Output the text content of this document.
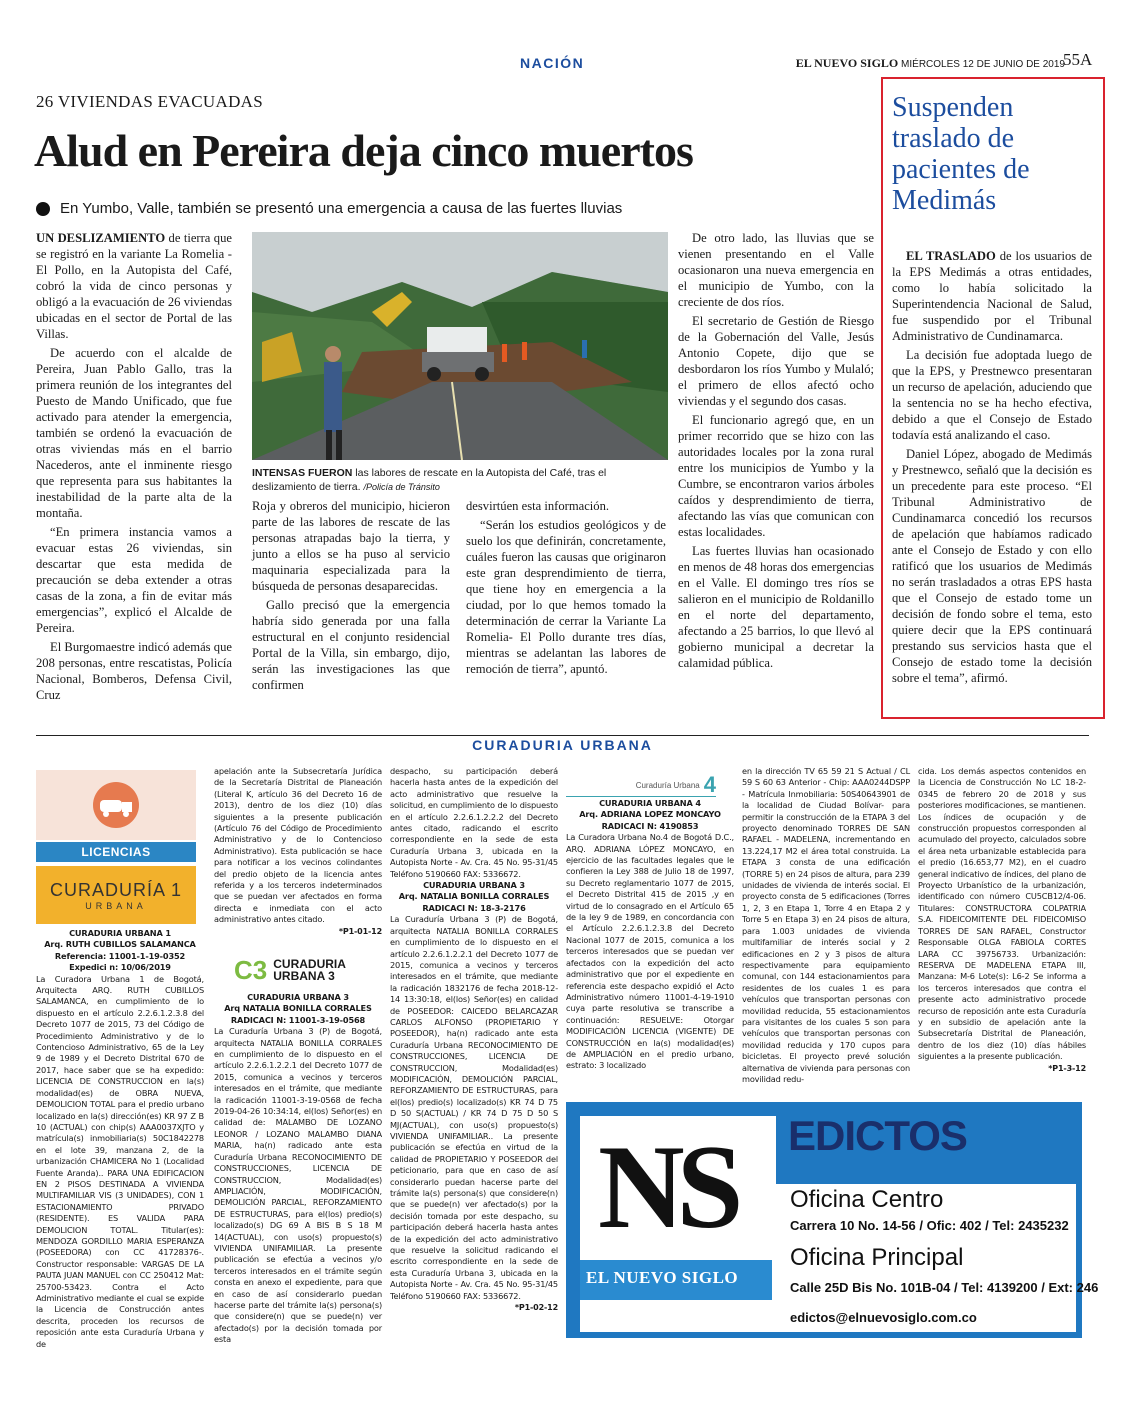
NACIÓN	EL NUEVO SIGLO MIÉRCOLES 12 DE JUNIO DE 2019
55A
26 VIVIENDAS EVACUADAS
Alud en Pereira deja cinco muertos
En Yumbo, Valle, también se presentó una emergencia a causa de las fuertes lluvias

UN DESLIZAMIENTO de tierra que se registró en la variante La Romelia - El Pollo, en la Autopista del Café, cobró la vida de cinco personas y obligó a la evacuación de 26 viviendas ubicadas en el sector de Portal de las Villas.

De acuerdo con el alcalde de Pereira, Juan Pablo Gallo, tras la primera reunión de los integrantes del Puesto de Mando Unificado, que fue activado para atender la emergencia, también se ordenó la evacuación de otras viviendas más en el barrio Nacederos, ante el inminente riesgo que representa para sus habitantes la inestabilidad de la parte alta de la montaña.

“En primera instancia vamos a evacuar estas 26 viviendas, sin descartar que esta medida de precaución se deba extender a otras casas de la zona, a fin de evitar más emergencias”, explicó el Alcalde de Pereira.

El Burgomaestre indicó además que 208 personas, entre rescatistas, Policía Nacional, Bomberos, Defensa Civil, Cruz

INTENSAS FUERON las labores de rescate en la Autopista del Café, tras el deslizamiento de tierra. /Policía de Tránsito

Roja y obreros del municipio, hicieron parte de las labores de rescate de las personas atrapadas bajo la tierra, y junto a ellos se ha puso al servicio maquinaria especializada para la búsqueda de personas desaparecidas.

Gallo precisó que la emergencia habría sido generada por una falla estructural en el conjunto residencial Portal de la Villa, sin embargo, dijo, serán las investigaciones las que confirmen

desvirtúen esta información.

“Serán los estudios geológicos y de suelo los que definirán, concretamente, cuáles fueron las causas que originaron este gran desprendimiento de tierra, que tiene hoy en emergencia a la ciudad, por lo que hemos tomado la determinación de cerrar la Variante La Romelia- El Pollo durante tres días, mientras se adelantan las labores de remoción de tierra”, apuntó.

De otro lado, las lluvias que se vienen presentando en el Valle ocasionaron una nueva emergencia en el municipio de Yumbo, con la creciente de dos ríos.

El secretario de Gestión de Riesgo de la Gobernación del Valle, Jesús Antonio Copete, dijo que se desbordaron los ríos Yumbo y Mulaló; el primero de ellos afectó ocho viviendas y el segundo dos casas.

El funcionario agregó que, en un primer recorrido que se hizo con las autoridades locales por la zona rural entre los municipios de Yumbo y la Cumbre, se encontraron varios árboles caídos y desprendimiento de tierra, afectando las vías que comunican con estas localidades.

Las fuertes lluvias han ocasionado en menos de 48 horas dos emergencias en el Valle. El domingo tres ríos se salieron en el municipio de Roldanillo en el norte del departamento, afectando a 25 barrios, lo que llevó al gobierno municipal a decretar la calamidad pública.

Suspenden traslado de pacientes de Medimás

EL TRASLADO de los usuarios de la EPS Medimás a otras entidades, como lo había solicitado la Superintendencia Nacional de Salud, fue suspendido por el Tribunal Administrativo de Cundinamarca.

La decisión fue adoptada luego de que la EPS, y Prestnewco presentaran un recurso de apelación, aduciendo que la sentencia no se ha hecho efectiva, debido a que el Consejo de Estado todavía está analizando el caso.

Daniel López, abogado de Medimás y Prestnewco, señaló que la decisión es un precedente para este proceso. “El Tribunal Administrativo de Cundinamarca concedió los recursos de apelación que habíamos radicado ante el Consejo de Estado y con ello ratificó que los usuarios de Medimás no serán trasladados a otras EPS hasta que el Consejo de estado tome un decisión de fondo sobre el tema, esto quiere decir que la EPS continuará prestando sus servicios hasta que el Consejo de estado tome la decisión sobre el tema”, afirmó.

CURADURIA URBANA
LICENCIAS
CURADURÍA 1
URBANA

CURADURIA URBANA 1

Arq. RUTH CUBILLOS SALAMANCA

Referencia: 11001-1-19-0352

Expedici n: 10/06/2019

La Curadora Urbana 1 de Bogotá, Arquitecta ARQ. RUTH CUBILLOS SALAMANCA, en cumplimiento de lo dispuesto en el artículo 2.2.6.1.2.3.8 del Decreto 1077 de 2015, 73 del Código de Procedimiento Administrativo y de lo Contencioso Administrativo, 65 de la Ley 9 de 1989 y el Decreto Distrital 670 de 2017, hace saber que se ha expedido: LICENCIA DE CONSTRUCCION en la(s) modalidad(es) de OBRA NUEVA, DEMOLICION TOTAL para el predio urbano localizado en la(s) dirección(es) KR 97 Z B 10 (ACTUAL) con chip(s) AAA0037XJTO y matrícula(s) inmobiliaria(s) 50C1842278 en el lote 39, manzana 2, de la urbanización CHAMICERA No 1 (Localidad Fuente Aranda).. PARA UNA EDIFICACION EN 2 PISOS DESTINADA A VIVIENDA MULTIFAMILIAR VIS (3 UNIDADES), CON 1 ESTACIONAMIENTO PRIVADO (RESIDENTE). ES VALIDA PARA DEMOLICION TOTAL. Titular(es): MENDOZA GORDILLO MARIA ESPERANZA (POSEEDORA) con CC 41728376-. Constructor responsable: VARGAS DE LA PAUTA JUAN MANUEL con CC 250412 Mat: 25700-53423. Contra el Acto Administrativo mediante el cual se expide la Licencia de Construcción antes descrita, proceden los recursos de reposición ante esta Curaduría Urbana y de

apelación ante la Subsecretaría Jurídica de la Secretaría Distrital de Planeación (Literal K, artículo 36 del Decreto 16 de 2013), dentro de los diez (10) días siguientes a la presente publicación (Artículo 76 del Código de Procedimiento Administrativo y de lo Contencioso Administrativo). Esta publicación se hace para notificar a los vecinos colindantes del predio objeto de la licencia antes referida y a los terceros indeterminados que se puedan ver afectados en forma directa e inmediata con el acto administrativo antes citado.

*P1-01-12

C3 CURADURIA URBANA 3

CURADURIA URBANA 3

Arq NATALIA BONILLA CORRALES

RADICACI N: 11001-3-19-0568

La Curaduría Urbana 3 (P) de Bogotá, arquitecta NATALIA BONILLA CORRALES en cumplimiento de lo dispuesto en el artículo 2.2.6.1.2.2.1 del Decreto 1077 de 2015, comunica a vecinos y terceros interesados en el trámite, que mediante la radicación 11001-3-19-0568 de fecha 2019-04-26 10:34:14, el(los) Señor(es) en calidad de: MALAMBO DE LOZANO LEONOR / LOZANO MALAMBO DIANA MARIA, ha(n) radicado ante esta Curaduría Urbana RECONOCIMIENTO DE CONSTRUCCIONES, LICENCIA DE CONSTRUCCION, Modalidad(es) AMPLIACIÓN, MODIFICACIÓN, DEMOLICIÓN PARCIAL, REFORZAMIENTO DE ESTRUCTURAS, para el(los) predio(s) localizado(s) DG 69 A BIS B S 18 M 14(ACTUAL), con uso(s) propuesto(s) VIVIENDA UNIFAMILIAR. La presente publicación se efectúa a vecinos y/o terceros interesados en el trámite según consta en anexo el expediente, para que en caso de así considerarlo puedan hacerse parte del trámite la(s) persona(s) que considere(n) que se puede(n) ver afectado(s) por la decisión tomada por esta

despacho, su participación deberá hacerla hasta antes de la expedición del acto administrativo que resuelve la solicitud, en cumplimiento de lo dispuesto en el artículo 2.2.6.1.2.2.2 del Decreto antes citado, radicando el escrito correspondiente en la sede de esta Curaduría Urbana 3, ubicada en la Autopista Norte - Av. Cra. 45 No. 95-31/45 Teléfono 5190660 FAX: 5336672.

CURADURIA URBANA 3

Arq. NATALIA BONILLA CORRALES

RADICACI N: 18-3-2176

La Curaduría Urbana 3 (P) de Bogotá, arquitecta NATALIA BONILLA CORRALES en cumplimiento de lo dispuesto en el artículo 2.2.6.1.2.2.1 del Decreto 1077 de 2015, comunica a vecinos y terceros interesados en el trámite, que mediante la radicación 1832176 de fecha 2018-12-14 13:30:18, el(los) Señor(es) en calidad de POSEEDOR: CAICEDO BELARCAZAR CARLOS ALFONSO (PROPIETARIO Y POSEEDOR), ha(n) radicado ante esta Curaduría Urbana RECONOCIMIENTO DE CONSTRUCCIONES, LICENCIA DE CONSTRUCCION, Modalidad(es) MODIFICACIÓN, DEMOLICIÓN PARCIAL, REFORZAMIENTO DE ESTRUCTURAS, para el(los) predio(s) localizado(s) KR 74 D 75 D 50 S(ACTUAL) / KR 74 D 75 D 50 S MJ(ACTUAL), con uso(s) propuesto(s) VIVIENDA UNIFAMILIAR.. La presente publicación se efectúa en virtud de la calidad de PROPIETARIO Y POSEEDOR del peticionario, para que en caso de así considerarlo puedan hacerse parte del trámite la(s) persona(s) que considere(n) que se puede(n) ver afectado(s) por la decisión tomada por este despacho, su participación deberá hacerla hasta antes de la expedición del acto administrativo que resuelve la solicitud radicando el escrito correspondiente en la sede de esta Curaduría Urbana 3, ubicada en la Autopista Norte - Av. Cra. 45 No. 95-31/45 Teléfono 5190660 FAX: 5336672.

*P1-02-12

Curaduría Urbana 4

CURADURIA URBANA 4

Arq. ADRIANA LOPEZ MONCAYO

RADICACI N: 4190853

La Curadora Urbana No.4 de Bogotá D.C., ARQ. ADRIANA LÓPEZ MONCAYO, en ejercicio de las facultades legales que le confieren la Ley 388 de Julio 18 de 1997, su Decreto reglamentario 1077 de 2015, el Decreto Distrital 415 de 2015 ,y en virtud de lo consagrado en el Artículo 65 de la ley 9 de 1989, en concordancia con el Artículo 2.2.6.1.2.3.8 del Decreto Nacional 1077 de 2015, comunica a los terceros interesados que se puedan ver afectados con la expedición del acto administrativo que por el expediente en referencia este despacho expidió el Acto Administrativo número 11001-4-19-1910 cuya parte resolutiva se transcribe a continuación: RESUELVE: Otorgar MODIFICACIÓN LICENCIA (VIGENTE) DE CONSTRUCCIÓN en la(s) modalidad(es) de AMPLIACIÓN en el predio urbano, estrato: 3 localizado

en la dirección TV 65 59 21 S Actual / CL 59 S 60 63 Anterior - Chip: AAA0244DSPP - Matrícula Inmobiliaria: 50S40643901 de la localidad de Ciudad Bolívar- para permitir la construcción de la ETAPA 3 del proyecto denominado TORRES DE SAN RAFAEL - MADELENA, incrementando en 13.224,17 M2 el área total construida. La ETAPA 3 consta de una edificación (TORRE 5) en 24 pisos de altura, para 239 unidades de vivienda de interés social. El proyecto consta de 5 edificaciones (Torres 1, 2, 3 en Etapa 1, Torre 4 en Etapa 2 y Torre 5 en Etapa 3) en 24 pisos de altura, para 1.003 unidades de vivienda multifamiliar de interés social y 2 edificaciones en 2 y 3 pisos de altura respectivamente para equipamiento comunal, con 144 estacionamientos para residentes de los cuales 1 es para vehículos que transportan personas con movilidad reducida, 55 estacionamientos para visitantes de los cuales 5 son para vehículos que transportan personas con movilidad reducida y 170 cupos para bicicletas. El proyecto prevé solución alternativa de vivienda para personas con movilidad redu-

cida. Los demás aspectos contenidos en la Licencia de Construcción No LC 18-2-0345 de febrero 20 de 2018 y sus posteriores modificaciones, se mantienen. Los índices de ocupación y de construcción propuestos corresponden al acumulado del proyecto, calculados sobre el área neta urbanizable establecida para el predio (16.653,77 M2), en el cuadro general indicativo de índices, del plano de Proyecto Urbanístico de la urbanización, identificado con número CU5CB12/4-06. Titulares: CONSTRUCTORA COLPATRIA S.A. FIDEICOMITENTE DEL FIDEICOMISO TORRES DE SAN RAFAEL, Constructor Responsable OLGA FABIOLA CORTES LARA CC 39756733. Urbanización: RESERVA DE MADELENA ETAPA III, Manzana: M-6 Lote(s): L6-2 Se informa a los terceros interesados que contra el presente acto administrativo procede recurso de reposición ante esta Curaduría y en subsidio de apelación ante la Subsecretaría Distrital de Planeación, dentro de los diez (10) días hábiles siguientes a la presente publicación.

*P1-3-12

NS
EL NUEVO SIGLO
EDICTOS
Oficina Centro
Carrera 10 No. 14-56 / Ofic: 402 / Tel: 2435232
Oficina Principal
Calle 25D Bis No. 101B-04 / Tel: 4139200 / Ext: 246
edictos@elnuevosiglo.com.co
